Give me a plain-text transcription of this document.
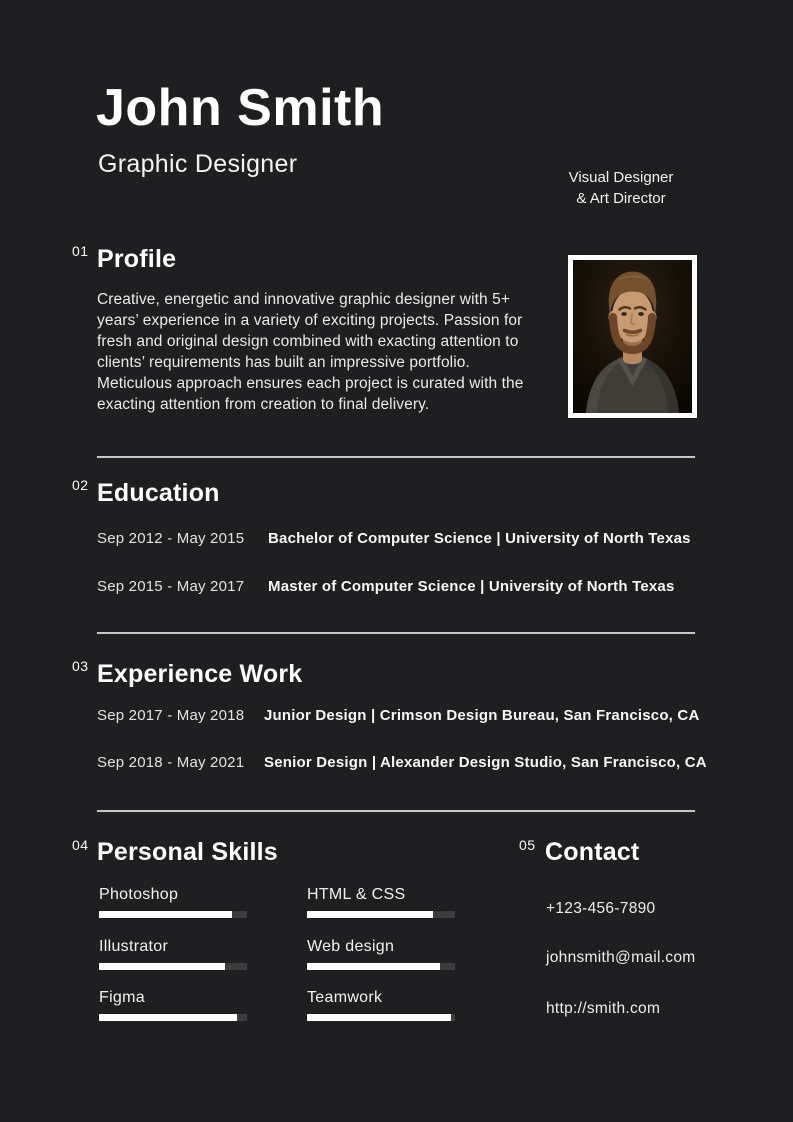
John Smith
Graphic Designer	Visual Designer
& Art Director
01 Profile
Creative, energetic and innovative graphic designer with 5+ years’ experience in a variety of exciting projects. Passion for fresh and original design combined with exacting attention to clients’ requirements has built an impressive portfolio. Meticulous approach ensures each project is curated with the exacting attention from creation to final delivery.
02 Education
Sep 2012 - May 2015 Bachelor of Computer Science | University of North Texas
Sep 2015 - May 2017 Master of Computer Science | University of North Texas
03 Experience Work
Sep 2017 - May 2018 Junior Design | Crimson Design Bureau, San Francisco, CA
Sep 2018 - May 2021 Senior Design | Alexander Design Studio, San Francisco, CA
04 Personal Skills
Photoshop
Illustrator
Figma
HTML & CSS
Web design
Teamwork
05 Contact
+123-456-7890
johnsmith@mail.com
http://smith.com
